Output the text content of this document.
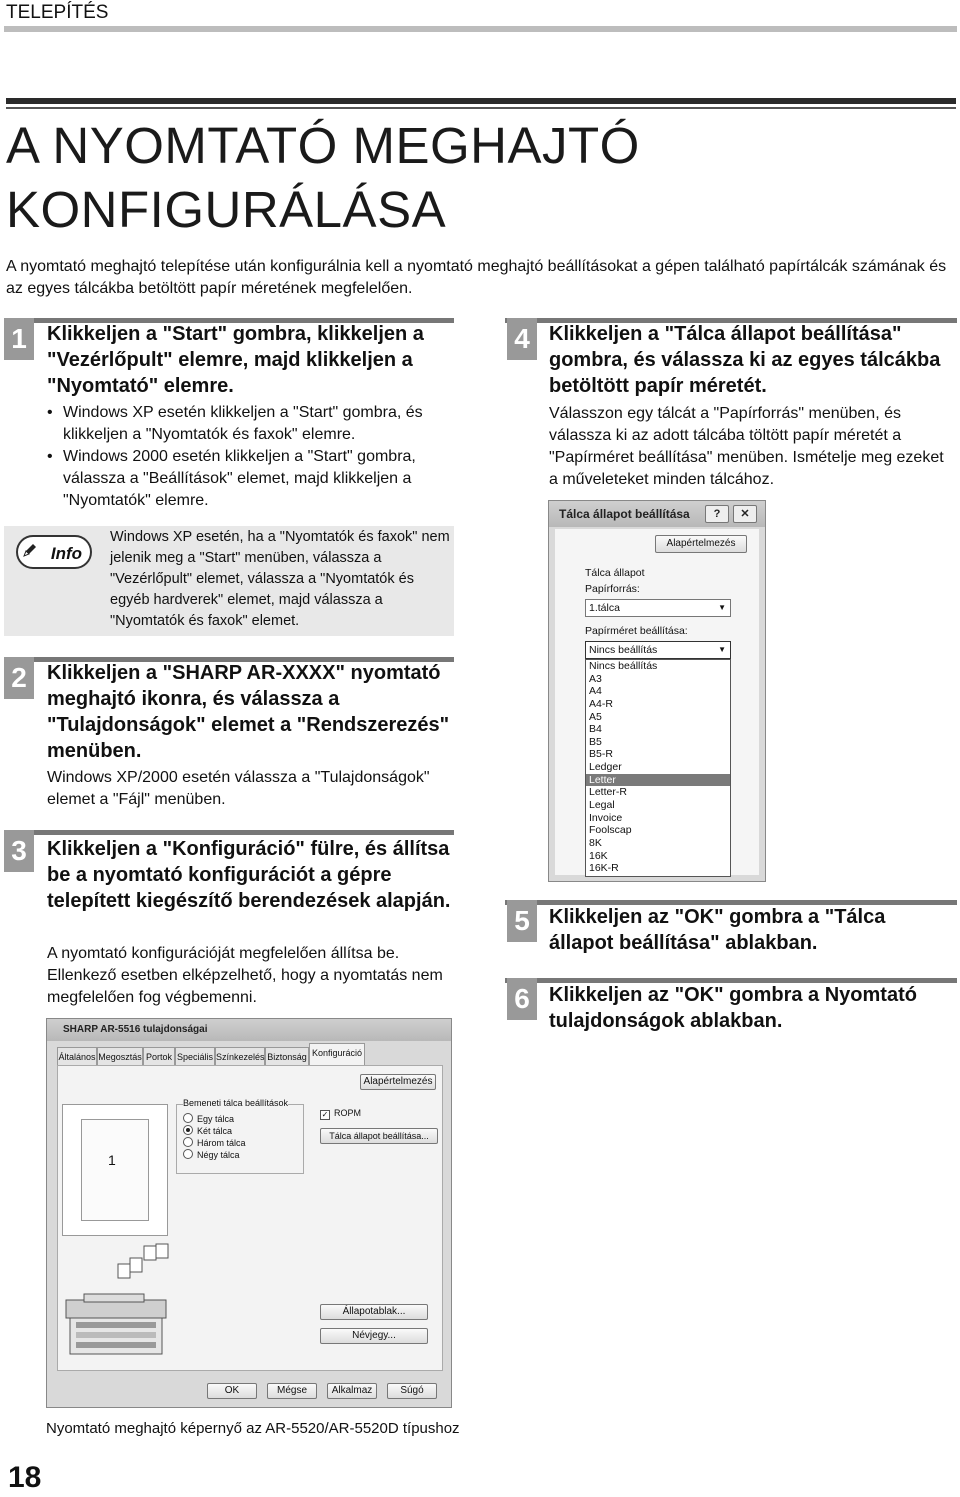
TELEPÍTÉS
A NYOMTATÓ MEGHAJTÓ
KONFIGURÁLÁSA
A nyomtató meghajtó telepítése után konfigurálnia kell a nyomtató meghajtó beállításokat a gépen található papírtálcák számának és az egyes tálcákba betöltött papír méretének megfelelően.
1	Klikkeljen a "Start" gombra, klikkeljen a "Vezérlőpult" elemre, majd klikkeljen a "Nyomtató" elemre.
• Windows XP esetén klikkeljen a "Start" gombra, és klikkeljen a "Nyomtatók és faxok" elemre.
• Windows 2000 esetén klikkeljen a "Start" gombra, válassza a "Beállítások" elemet, majd klikkeljen a "Nyomtatók" elemre.
Info
Windows XP esetén, ha a "Nyomtatók és faxok" nem jelenik meg a "Start" menüben, válassza a "Vezérlőpult" elemet, válassza a "Nyomtatók és egyéb hardverek" elemet, majd válassza a "Nyomtatók és faxok" elemet.
2	Klikkeljen a "SHARP AR-XXXX" nyomtató meghajtó ikonra, és válassza a "Tulajdonságok" elemet a "Rendszerezés" menüben.
Windows XP/2000 esetén válassza a "Tulajdonságok" elemet a "Fájl" menüben.
3	Klikkeljen a "Konfiguráció" fülre, és állítsa be a nyomtató konfigurációt a gépre telepített kiegészítő berendezések alapján.
A nyomtató konfigurációját megfelelően állítsa be. Ellenkező esetben elképzelhető, hogy a nyomtatás nem megfelelően fog végbemenni.
SHARP AR-5516 tulajdonságai
Általános Megosztás Portok Speciális Színkezelés Biztonság Konfiguráció
Alapértelmezés
1
Bemeneti tálca beállítások
Egy tálca
Két tálca
Három tálca
Négy tálca
✓ ROPM
Tálca állapot beállítása...
Állapotablak...
Névjegy...
OK	Mégse	Alkalmaz	Súgó
Nyomtató meghajtó képernyő az AR-5520/AR-5520D típushoz
4 Klikkeljen a "Tálca állapot beállítása" gombra, és válassza ki az egyes tálcákba betöltött papír méretét.
Válasszon egy tálcát a "Papírforrás" menüben, és válassza ki az adott tálcába töltött papír méretét a "Papírméret beállítása" menüben. Ismételje meg ezeket a műveleteket minden tálcához.
Tálca állapot beállítása	?	✕
Alapértelmezés
Tálca állapot
Papírforrás:
1.tálca	▼
Papírméret beállítása:
Nincs beállítás	▼
Nincs beállítás
A3
A4
A4-R
A5
B4
B5
B5-R
Ledger
Letter
Letter-R
Legal
Invoice
Foolscap
8K
16K
16K-R
5 Klikkeljen az "OK" gombra a "Tálca állapot beállítása" ablakban.
6 Klikkeljen az "OK" gombra a Nyomtató tulajdonságok ablakban.
18
